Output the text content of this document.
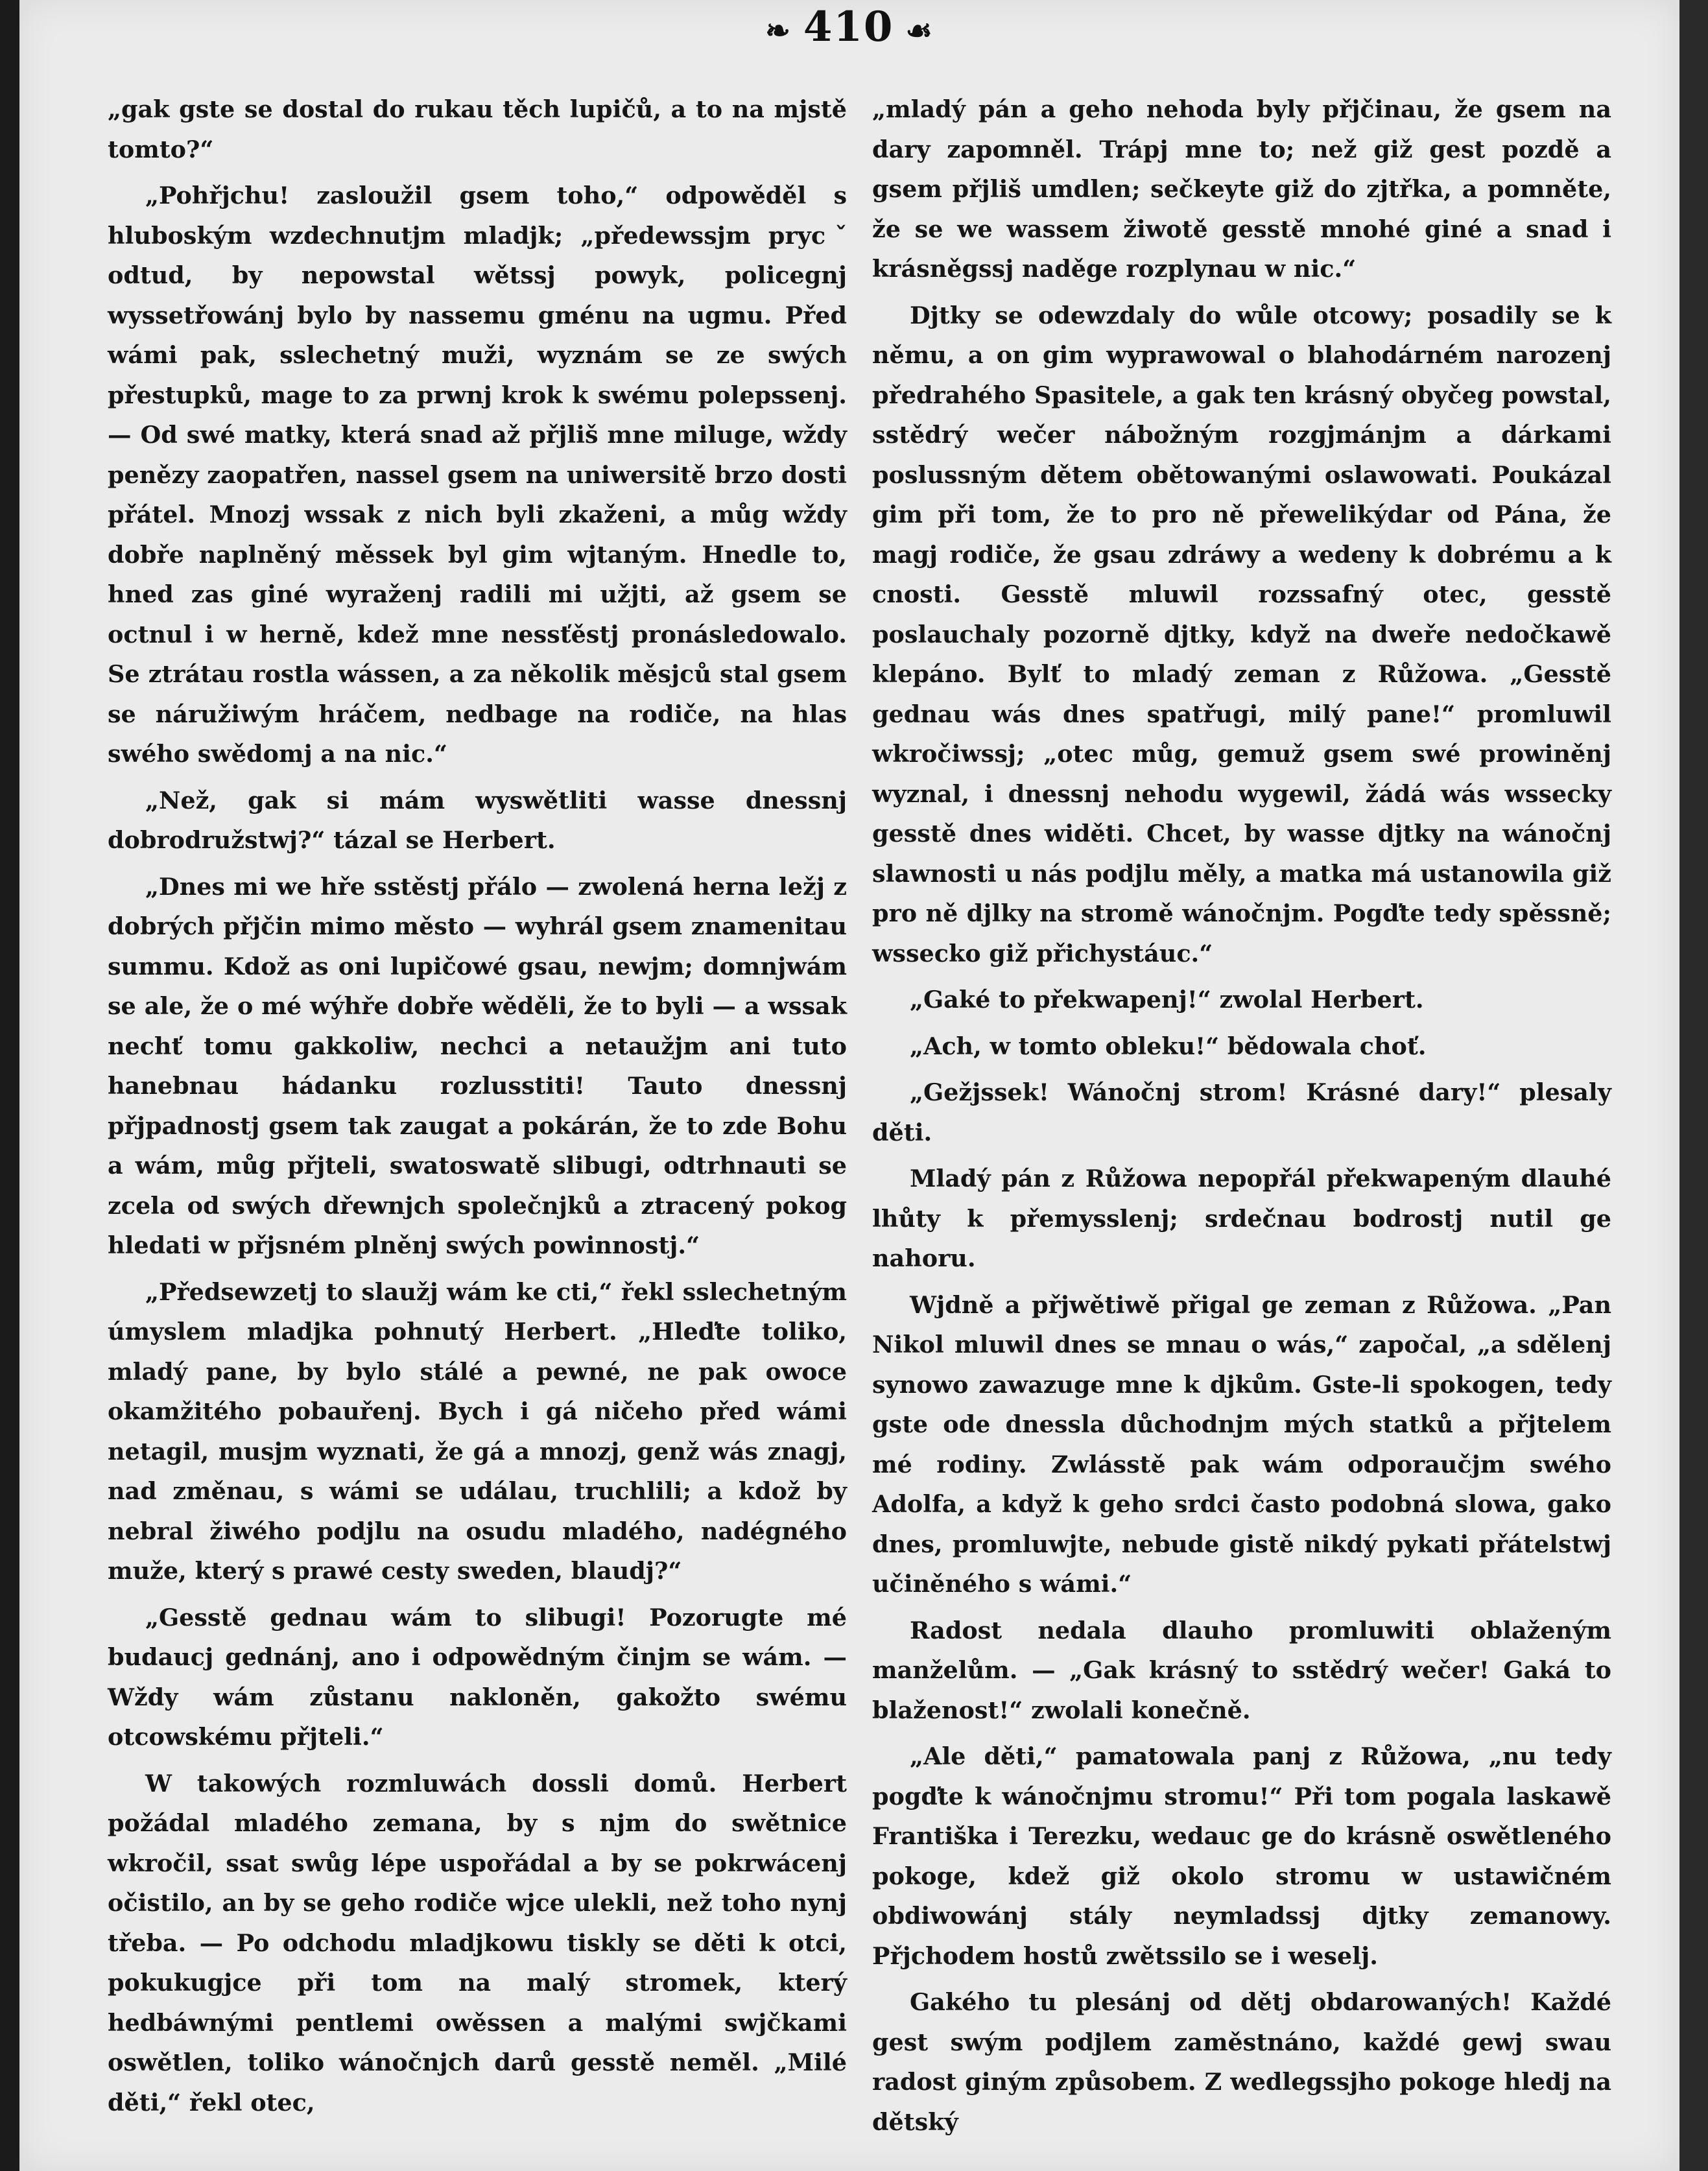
❧ 410 ☙

„gak gste se dostal do rukau těch lupičů, a to na mjstě tomto?“

„Pohřjchu! zasloužil gsem toho,“ odpowěděl s hluboským wzdechnutjm mladjk; „předewssjm prycˇ odtud, by nepowstal wětssj powyk, policegnj wyssetřowánj bylo by nassemu gménu na ugmu. Před wámi pak, sslechetný muži, wyznám se ze swých přestupků, mage to za prwnj krok k swému polepssenj. — Od swé matky, která snad až přjliš mne miluge, wždy penězy zaopatřen, nassel gsem na uniwersitě brzo dosti přátel. Mnozj wssak z nich byli zkaženi, a můg wždy dobře naplněný měssek byl gim wjtaným. Hnedle to, hned zas giné wyraženj radili mi užjti, až gsem se octnul i w herně, kdež mne nessťěstj pronásledowalo. Se ztrátau rostla wássen, a za několik měsjců stal gsem se náružiwým hráčem, nedbage na rodiče, na hlas swého swědomj a na nic.“

„Než, gak si mám wyswětliti wasse dnessnj dobrodružstwj?“ tázal se Herbert.

„Dnes mi we hře sstěstj přálo — zwolená herna ležj z dobrých přjčin mimo město — wyhrál gsem znamenitau summu. Kdož as oni lupičowé gsau, newjm; domnjwám se ale, že o mé wýhře dobře wěděli, že to byli — a wssak nechť tomu gakkoliw, nechci a netaužjm ani tuto hanebnau hádanku rozlusstiti! Tauto dnessnj přjpadnostj gsem tak zaugat a pokárán, že to zde Bohu a wám, můg přjteli, swatoswatě slibugi, odtrhnauti se zcela od swých dřewnjch společnjků a ztracený pokog hledati w přjsném plněnj swých powinnostj.“

„Předsewzetj to slaužj wám ke cti,“ řekl sslechetným úmyslem mladjka pohnutý Herbert. „Hleďte toliko, mladý pane, by bylo stálé a pewné, ne pak owoce okamžitého pobauřenj. Bych i gá ničeho před wámi netagil, musjm wyznati, že gá a mnozj, genž wás znagj, nad změnau, s wámi se událau, truchlili; a kdož by nebral žiwého podjlu na osudu mladého, nadégného muže, který s prawé cesty sweden, blaudj?“

„Gesstě gednau wám to slibugi! Pozorugte mé budaucj gednánj, ano i odpowědným činjm se wám. — Wždy wám zůstanu nakloněn, gakožto swému otcowskému přjteli.“

W takowých rozmluwách dossli domů. Herbert požádal mladého zemana, by s njm do swětnice wkročil, ssat swůg lépe uspořádal a by se pokrwácenj očistilo, an by se geho rodiče wjce ulekli, než toho nynj třeba. — Po odchodu mladjkowu tiskly se děti k otci, pokukugjce při tom na malý stromek, který hedbáwnými pentlemi owěssen a malými swjčkami oswětlen, toliko wánočnjch darů gesstě neměl. „Milé děti,“ řekl otec,

„mladý pán a geho nehoda byly přjčinau, že gsem na dary zapomněl. Trápj mne to; než giž gest pozdě a gsem přjliš umdlen; sečkeyte giž do zjtřka, a pomněte, že se we wassem žiwotě gesstě mnohé giné a snad i krásněgssj naděge rozplynau w nic.“

Djtky se odewzdaly do wůle otcowy; posadily se k němu, a on gim wyprawowal o blahodárném narozenj předrahého Spasitele, a gak ten krásný obyčeg powstal, sstědrý wečer nábožným rozgjmánjm a dárkami poslussným dětem obětowanými oslawowati. Poukázal gim při tom, že to pro ně přewelikýdar od Pána, že magj rodiče, že gsau zdráwy a wedeny k dobrému a k cnosti. Gesstě mluwil rozssafný otec, gesstě poslauchaly pozorně djtky, když na dweře nedočkawě klepáno. Bylť to mladý zeman z Růžowa. „Gesstě gednau wás dnes spatřugi, milý pane!“ promluwil wkročiwssj; „otec můg, gemuž gsem swé prowiněnj wyznal, i dnessnj nehodu wygewil, žádá wás wssecky gesstě dnes widěti. Chcet, by wasse djtky na wánočnj slawnosti u nás podjlu měly, a matka má ustanowila giž pro ně djlky na stromě wánočnjm. Pogďte tedy spěssně; wssecko giž přichystáuc.“

„Gaké to překwapenj!“ zwolal Herbert.

„Ach, w tomto obleku!“ bědowala choť.

„Gežjssek! Wánočnj strom! Krásné dary!“ plesaly děti.

Mladý pán z Růžowa nepopřál překwapeným dlauhé lhůty k přemysslenj; srdečnau bodrostj nutil ge nahoru.

Wjdně a přjwětiwě přigal ge zeman z Růžowa. „Pan Nikol mluwil dnes se mnau o wás,“ započal, „a sdělenj synowo zawazuge mne k djkům. Gste-li spokogen, tedy gste ode dnessla důchodnjm mých statků a přjtelem mé rodiny. Zwlásstě pak wám odporaučjm swého Adolfa, a když k geho srdci často podobná slowa, gako dnes, promluwjte, nebude gistě nikdý pykati přátelstwj učiněného s wámi.“

Radost nedala dlauho promluwiti oblaženým manželům. — „Gak krásný to sstědrý wečer! Gaká to blaženost!“ zwolali konečně.

„Ale děti,“ pamatowala panj z Růžowa, „nu tedy pogďte k wánočnjmu stromu!“ Při tom pogala laskawě Františka i Terezku, wedauc ge do krásně oswětleného pokoge, kdež giž okolo stromu w ustawičném obdiwowánj stály neymladssj djtky zemanowy. Přjchodem hostů zwětssilo se i weselj.

Gakého tu plesánj od dětj obdarowaných! Každé gest swým podjlem zaměstnáno, každé gewj swau radost giným způsobem. Z wedlegssjho pokoge hledj na dětský
